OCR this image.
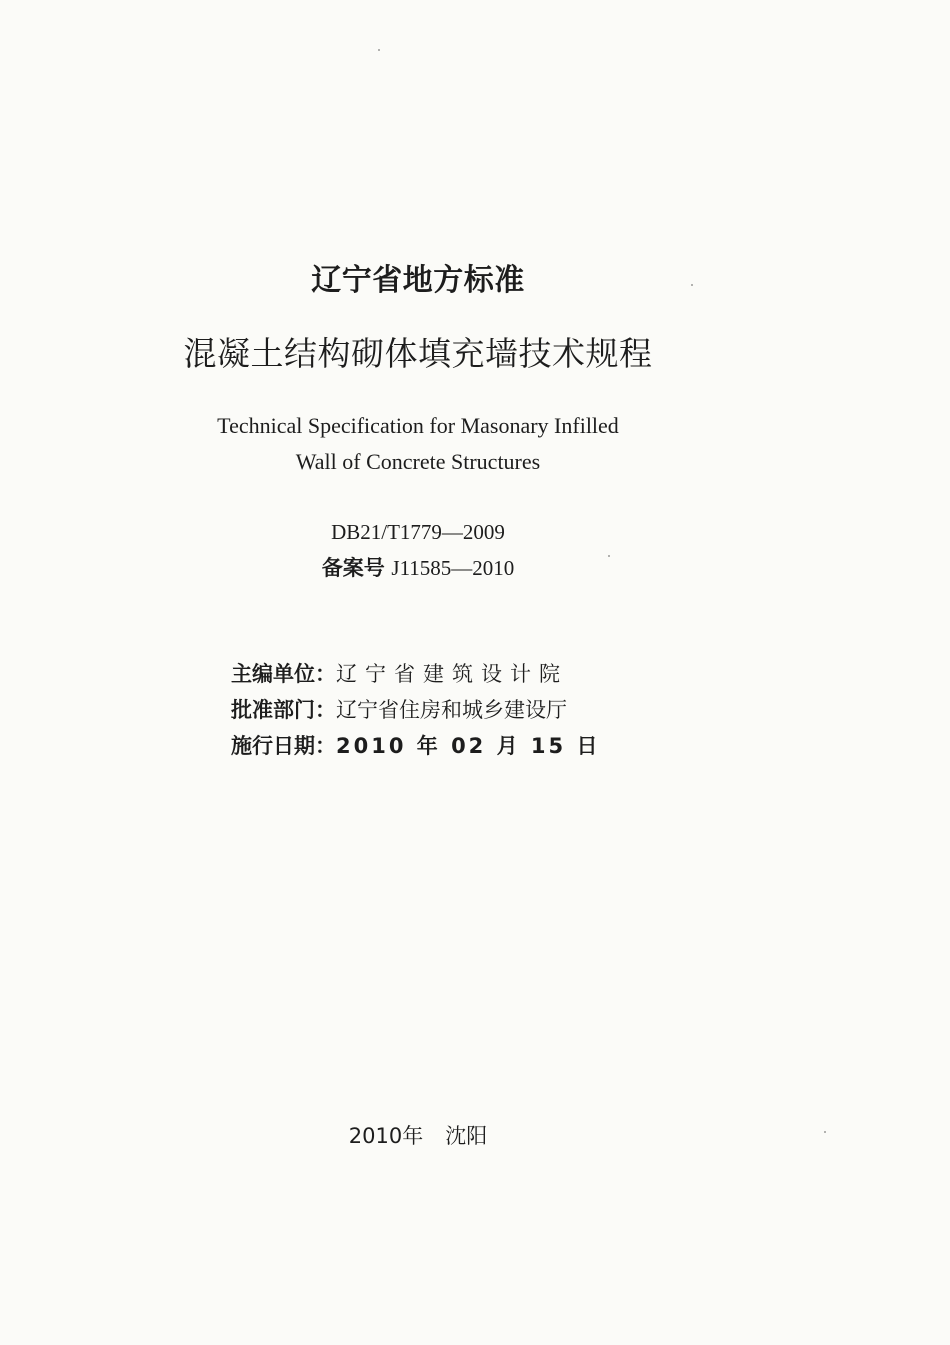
辽宁省地方标准
混凝土结构砌体填充墙技术规程
Technical Specification for Masonary Infilled
Wall of Concrete Structures
DB21/T1779—2009
备案号 J11585—2010
主编单位：辽宁省建筑设计院
批准部门：辽宁省住房和城乡建设厅
施行日期：2010 年 02 月 15 日
2010年 沈阳
